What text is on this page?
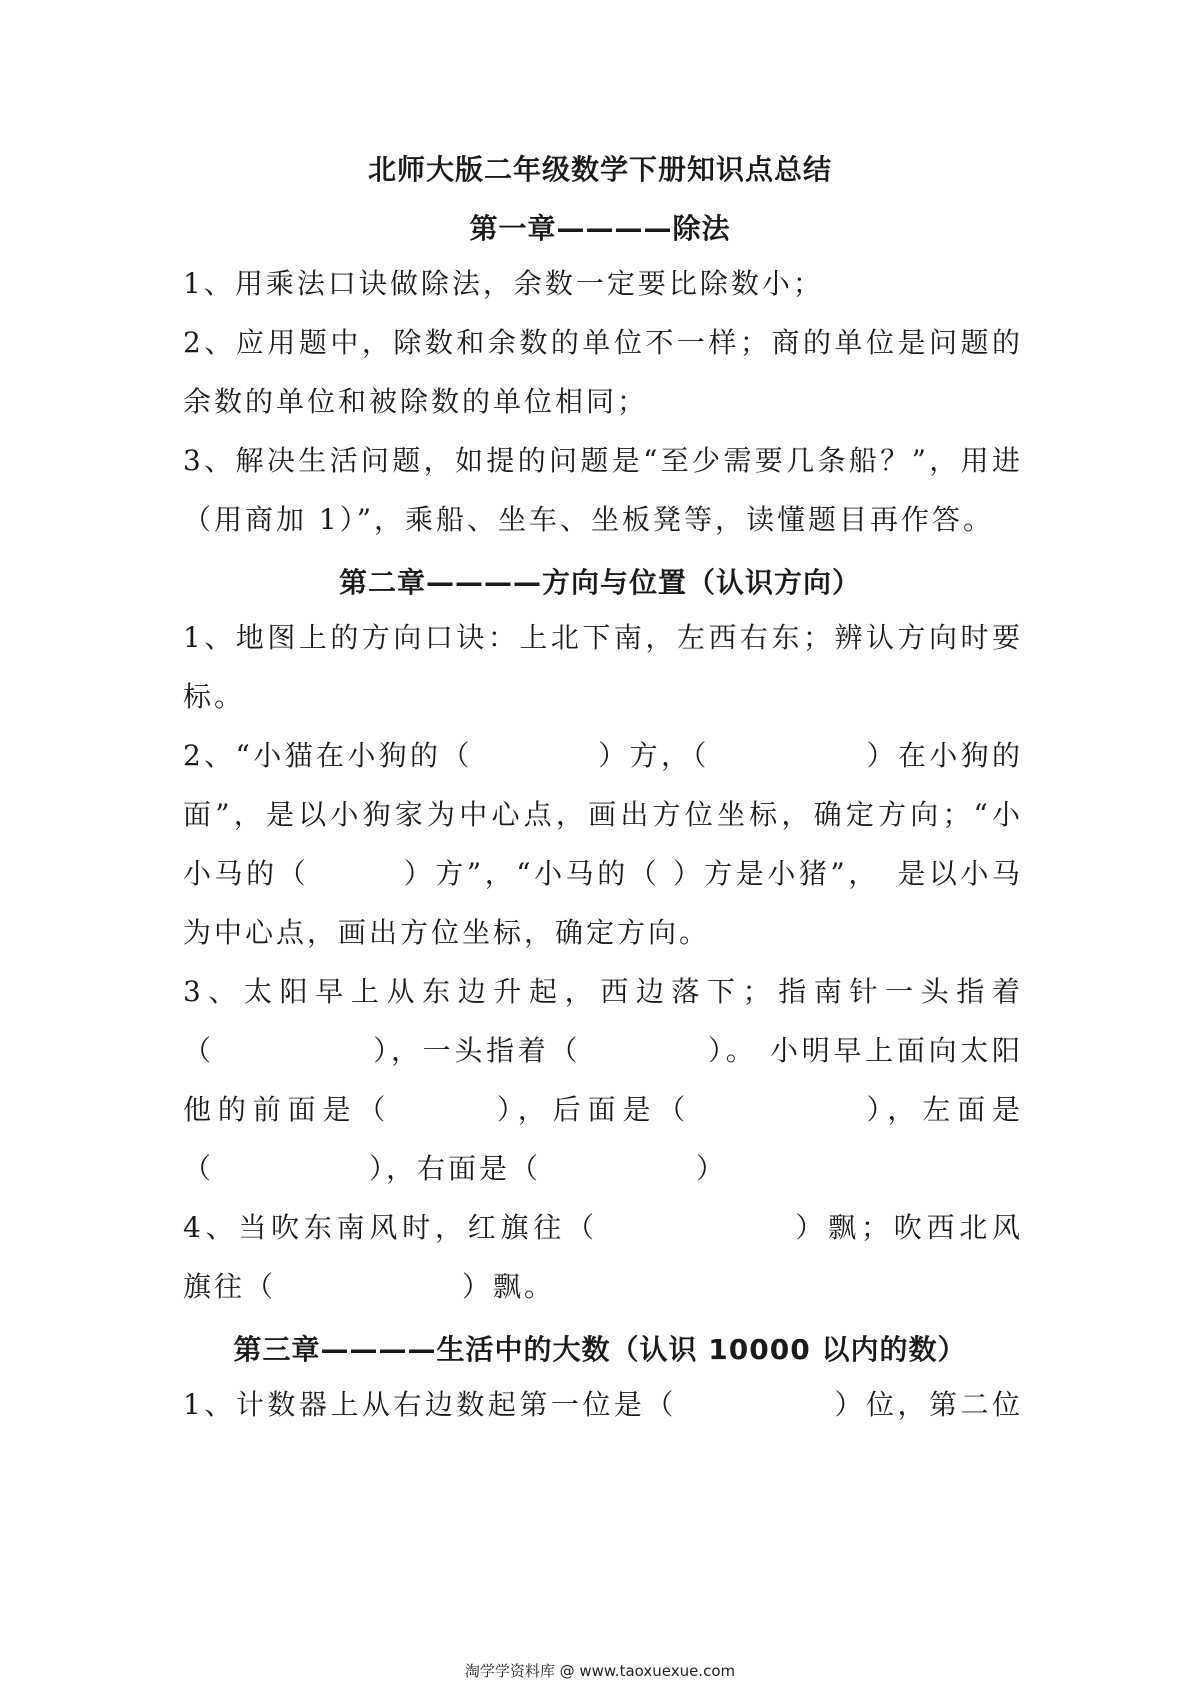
北师大版二年级数学下册知识点总结
第一章————除法
1、用乘法口诀做除法，余数一定要比除数小；
2、应用题中，除数和余数的单位不一样；商的单位是问题的
余数的单位和被除数的单位相同；
3、解决生活问题，如提的问题是“至少需要几条船？”，用进
（用商加 1）”，乘船、坐车、坐板凳等，读懂题目再作答。
第二章————方向与位置（认识方向）
1、地图上的方向口诀：上北下南，左西右东；辨认方向时要
标。
2、“小猫在小狗的（　　　　）方，（　　　　　）在小狗的
面”，是以小狗家为中心点，画出方位坐标，确定方向；“小
小马的（　　　）方”，“小马的（ ）方是小猪”，　是以小马
为中心点，画出方位坐标，确定方向。
3、太阳早上从东边升起，西边落下；指南针一头指着
（　　　　　），一头指着（　　　　）。 小明早上面向太阳
他的前面是（　　　），后面是（　　　　　），左面是
（　　　　　），右面是（　　　　　）
4、当吹东南风时，红旗往（　　　　　　）飘；吹西北风
旗往（　　　　　　）飘。
第三章————生活中的大数（认识 10000 以内的数）
1、计数器上从右边数起第一位是（　　　　　）位，第二位
淘学学资料库 @ www.taoxuexue.com
